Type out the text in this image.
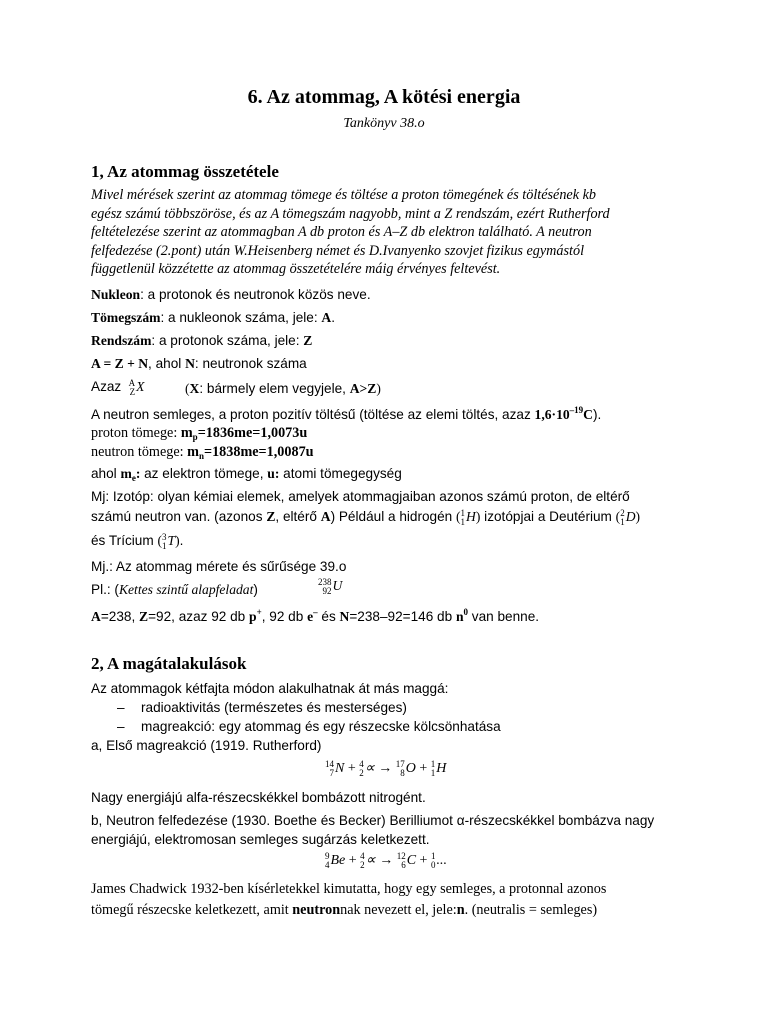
6. Az atommag, A kötési energia
Tankönyv 38.o
1, Az atommag összetétele
Mivel mérések szerint az atommag tömege és töltése a proton tömegének és töltésének kb
egész számú többszöröse, és az A tömegszám nagyobb, mint a Z rendszám, ezért Rutherford
feltételezése szerint az atommagban A db proton és A–Z db elektron található. A neutron
felfedezése (2.pont) után W.Heisenberg német és D.Ivanyenko szovjet fizikus egymástól
függetlenül közzétette az atommag összetételére máig érvényes feltevést.
Nukleon: a protonok és neutronok közös neve.
Tömegszám: a nukleonok száma, jele: A.
Rendszám: a protonok száma, jele: Z
A = Z + N, ahol N: neutronok száma
Azaz A
Z X	(X: bármely elem vegyjele, A>Z)
A neutron semleges, a proton pozitív töltésű (töltése az elemi töltés, azaz $1,6\cdot 10^{-19}C$).
proton tömege: $m_p=1836me=1,0073u$
neutron tömege: $m_n=1838me=1,0087u$
ahol $m_e$: az elektron tömege, u: atomi tömegegység
Mj: Izotóp: olyan kémiai elemek, amelyek atommagjaiban azonos számú proton, de eltérő
számú neutron van. (azonos Z, eltérő A) Például a hidrogén ( 1
1 H) izotópjai a Deutérium ( 2
1 D)
és Trícium ( 3
1 T).
Mj.: Az atommag mérete és sűrűsége 39.o
Pl.: (Kettes szintű alapfeladat)	238
92 U
A=238, Z=92, azaz 92 db p+, 92 db e– és N=238–92=146 db $n^0$ van benne.
2, A magátalakulások
Az atommagok kétfajta módon alakulhatnak át más maggá:
– radioaktivitás (természetes és mesterséges)
– magreakció: egy atommag és egy részecske kölcsönhatása
a, Első magreakció (1919. Rutherford)
14
7 N + 4
2 ∝ → 17
8 O + 1
1 H
Nagy energiájú alfa-részecskékkel bombázott nitrogént.
b, Neutron felfedezése (1930. Boethe és Becker) Berilliumot α-részecskékkel bombázva nagy
energiájú, elektromosan semleges sugárzás keletkezett.
9
4 Be + 4
2 ∝ → 12
6 C + 1
0 ...
James Chadwick 1932-ben kísérletekkel kimutatta, hogy egy semleges, a protonnal azonos
tömegű részecske keletkezett, amit neutronnak nevezett el, jele:n. (neutralis = semleges)
